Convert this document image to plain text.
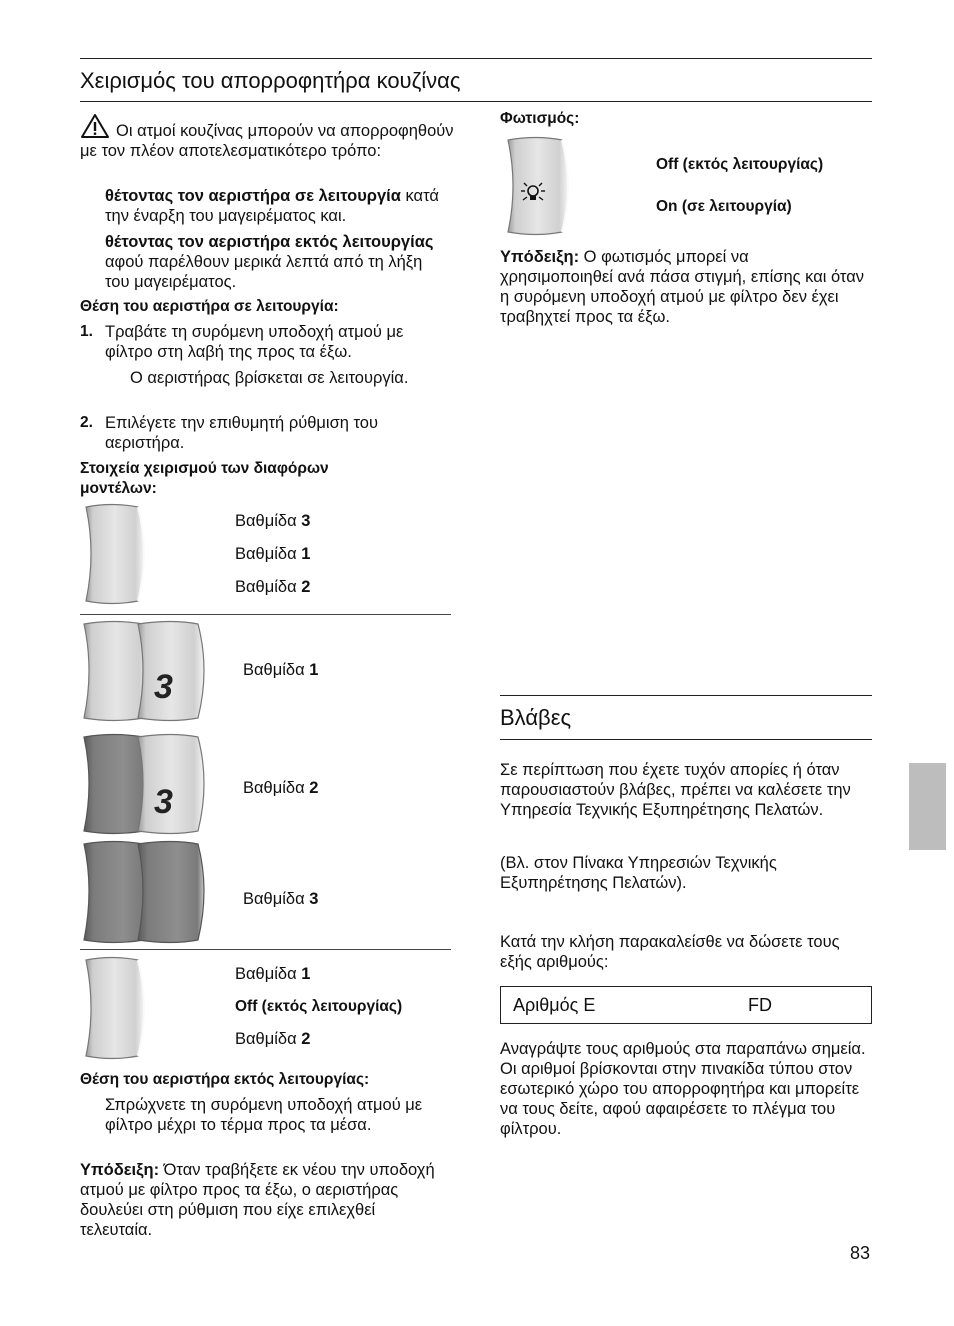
Χειρισμός του απορροφητήρα κουζίνας
Οι ατμοί κουζίνας μπορούν να απορροφηθούν με τον πλέον αποτελεσματικότερο τρόπο:
θέτοντας τον αεριστήρα σε λειτουργία κατά την έναρξη του μαγειρέματος και.
θέτοντας τον αεριστήρα εκτός λειτουργίας αφού παρέλθουν μερικά λεπτά από τη λήξη του μαγειρέματος.
Θέση του αεριστήρα σε λειτουργία:
1. Τραβάτε τη συρόμενη υποδοχή ατμού με φίλτρο στη λαβή της προς τα έξω.
Ο αεριστήρας βρίσκεται σε λειτουργία.
2. Επιλέγετε την επιθυμητή ρύθμιση του αεριστήρα.
Στοιχεία χειρισμού των διαφόρων μοντέλων:
Βαθμίδα 3
Βαθμίδα 1
Βαθμίδα 2
3	Βαθμίδα 1
3	Βαθμίδα 2
Βαθμίδα 3
Βαθμίδα 1
Off (εκτός λειτουργίας)
Βαθμίδα 2
Θέση του αεριστήρα εκτός λειτουργίας:
Σπρώχνετε τη συρόμενη υποδοχή ατμού με φίλτρο μέχρι το τέρμα προς τα μέσα.
Υπόδειξη: Όταν τραβήξετε εκ νέου την υποδοχή ατμού με φίλτρο προς τα έξω, ο αεριστήρας δουλεύει στη ρύθμιση που είχε επιλεχθεί τελευταία.
Φωτισμός:
Off (εκτός λειτουργίας)
On (σε λειτουργία)
Υπόδειξη: Ο φωτισμός μπορεί να χρησιμοποιηθεί ανά πάσα στιγμή, επίσης και όταν η συρόμενη υποδοχή ατμού με φίλτρο δεν έχει τραβηχτεί προς τα έξω.
Βλάβες
Σε περίπτωση που έχετε τυχόν απορίες ή όταν παρουσιαστούν βλάβες, πρέπει να καλέσετε την Υπηρεσία Τεχνικής Εξυπηρέτησης Πελατών.
(Βλ. στον Πίνακα Υπηρεσιών Τεχνικής Εξυπηρέτησης Πελατών).
Κατά την κλήση παρακαλείσθε να δώσετε τους εξής αριθμούς:
Αριθμός E	FD
Αναγράψτε τους αριθμούς στα παραπάνω σημεία. Οι αριθμοί βρίσκονται στην πινακίδα τύπου στον εσωτερικό χώρο του απορροφητήρα και μπορείτε να τους δείτε, αφού αφαιρέσετε το πλέγμα του φίλτρου.
83
